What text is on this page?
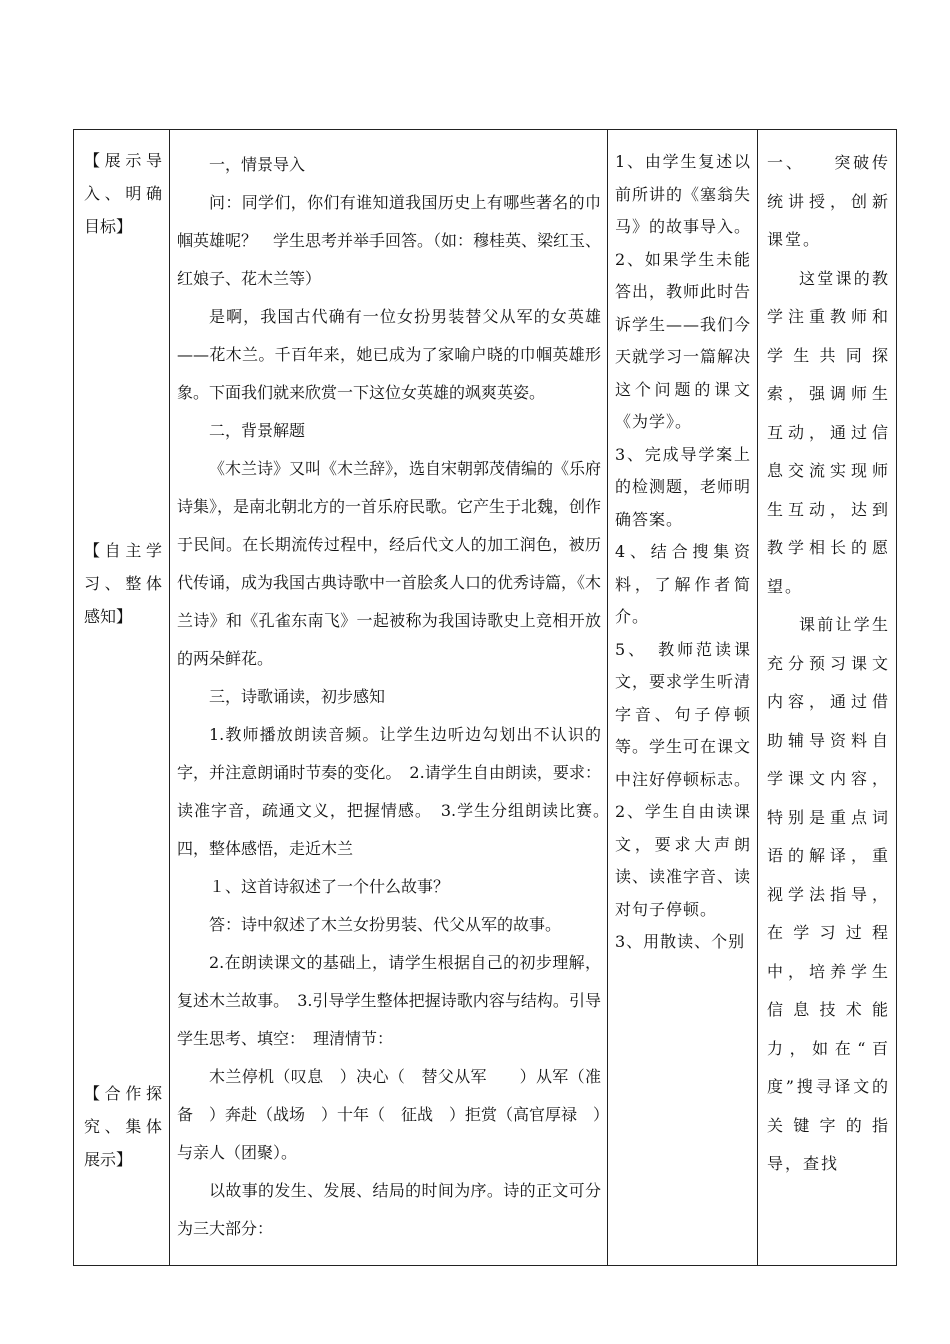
【展示导入、明确目标】
【自主学习、整体感知】
【合作探究、集体展示】

一，情景导入

问：同学们，你们有谁知道我国历史上有哪些著名的巾帼英雄呢？　学生思考并举手回答。（如：穆桂英、梁红玉、红娘子、花木兰等）

是啊，我国古代确有一位女扮男装替父从军的女英雄——花木兰。千百年来，她已成为了家喻户晓的巾帼英雄形象。下面我们就来欣赏一下这位女英雄的飒爽英姿。

二，背景解题

《木兰诗》又叫《木兰辞》，选自宋朝郭茂倩编的《乐府诗集》，是南北朝北方的一首乐府民歌。它产生于北魏，创作于民间。在长期流传过程中，经后代文人的加工润色，被历代传诵，成为我国古典诗歌中一首脍炙人口的优秀诗篇，《木兰诗》和《孔雀东南飞》一起被称为我国诗歌史上竞相开放的两朵鲜花。

三，诗歌诵读，初步感知

1.教师播放朗读音频。让学生边听边勾划出不认识的字，并注意朗诵时节奏的变化。　2.请学生自由朗读，要求：读准字音，疏通文义，把握情感。　3.学生分组朗读比赛。　四，整体感悟，走近木兰

１、这首诗叙述了一个什么故事？

答：诗中叙述了木兰女扮男装、代父从军的故事。

2.在朗读课文的基础上，请学生根据自己的初步理解，复述木兰故事。　3.引导学生整体把握诗歌内容与结构。引导学生思考、填空：　理清情节：

木兰停机（叹息　）决心（　替父从军　　）从军（准备　）奔赴（战场　）十年（　征战　）拒赏（高官厚禄　）与亲人（团聚）。

以故事的发生、发展、结局的时间为序。诗的正文可分为三大部分：

1、由学生复述以前所讲的《塞翁失马》的故事导入。

2、如果学生未能答出，教师此时告诉学生——我们今天就学习一篇解决这个问题的课文《为学》。

3、完成导学案上的检测题，老师明确答案。

4、结合搜集资料，了解作者简介。

5、　教师范读课文，要求学生听清字音、句子停顿等。学生可在课文中注好停顿标志。

2、学生自由读课文，要求大声朗读、读准字音、读对句子停顿。

3、用散读、个别

一、　　突破传统讲授，创新课堂。

这堂课的教学注重教师和学生共同探索，强调师生互动，通过信息交流实现师生互动，达到教学相长的愿望。

课前让学生充分预习课文内容，通过借助辅导资料自学课文内容，特别是重点词语的解译，重视学法指导，在学习过程中，培养学生信息技术能力，如在“百度”搜寻译文的关键字的指导，查找
